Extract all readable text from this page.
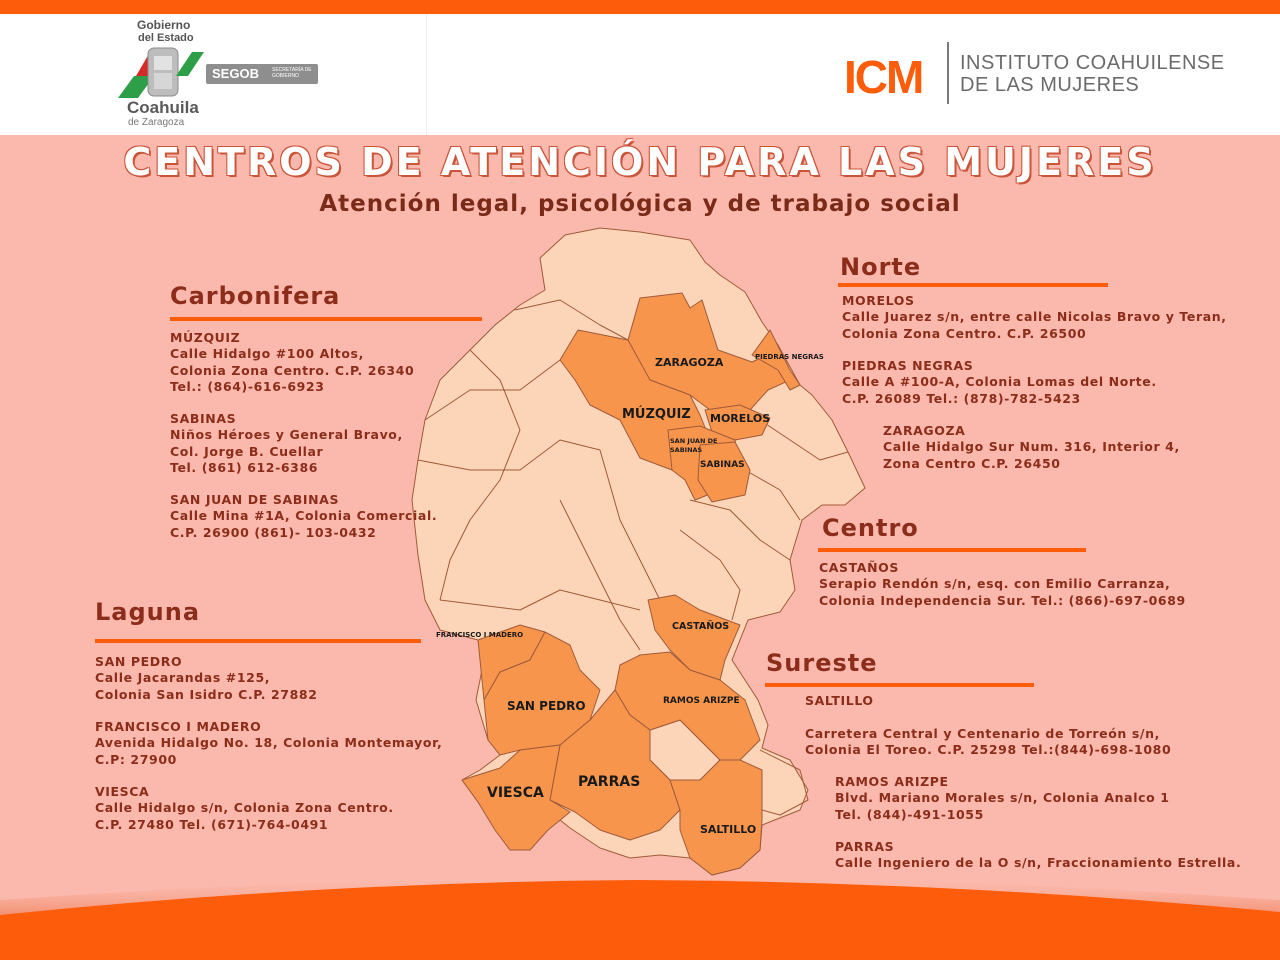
Gobierno
del Estado
SEGOB	SECRETARÍA DE GOBIERNO
Coahuila
de Zaragoza
ICM INSTITUTO COAHUILENSE
DE LAS MUJERES
CENTROS DE ATENCIÓN PARA LAS MUJERES
Atención legal, psicológica y de trabajo social
ZARAGOZA	PIEDRAS NEGRAS
MÚZQUIZ MORELOS
SAN JUAN DE
SABINAS
SABINAS
CASTAÑOS
FRANCISCO I MADERO
SAN PEDRO	RAMOS ARIZPE
PARRAS
VIESCA
SALTILLO
Carbonifera
MÚZQUIZ
Calle Hidalgo #100 Altos,
Colonia Zona Centro. C.P. 26340
Tel.: (864)-616-6923
SABINAS
Niños Héroes y General Bravo,
Col. Jorge B. Cuellar
Tel. (861) 612-6386
SAN JUAN DE SABINAS
Calle Mina #1A, Colonia Comercial.
C.P. 26900 (861)- 103-0432
Laguna
SAN PEDRO
Calle Jacarandas #125,
Colonia San Isidro C.P. 27882
FRANCISCO I MADERO
Avenida Hidalgo No. 18, Colonia Montemayor,
C.P: 27900
VIESCA
Calle Hidalgo s/n, Colonia Zona Centro.
C.P. 27480 Tel. (671)-764-0491
Norte
MORELOS
Calle Juarez s/n, entre calle Nicolas Bravo y Teran,
Colonia Zona Centro. C.P. 26500
PIEDRAS NEGRAS
Calle A #100-A, Colonia Lomas del Norte.
C.P. 26089 Tel.: (878)-782-5423
ZARAGOZA
Calle Hidalgo Sur Num. 316, Interior 4,
Zona Centro C.P. 26450
Centro
CASTAÑOS
Serapio Rendón s/n, esq. con Emilio Carranza,
Colonia Independencia Sur. Tel.: (866)-697-0689
Sureste
SALTILLO
Carretera Central y Centenario de Torreón s/n,
Colonia El Toreo. C.P. 25298 Tel.:(844)-698-1080
RAMOS ARIZPE
Blvd. Mariano Morales s/n, Colonia Analco 1
Tel. (844)-491-1055
PARRAS
Calle Ingeniero de la O s/n, Fraccionamiento Estrella.
